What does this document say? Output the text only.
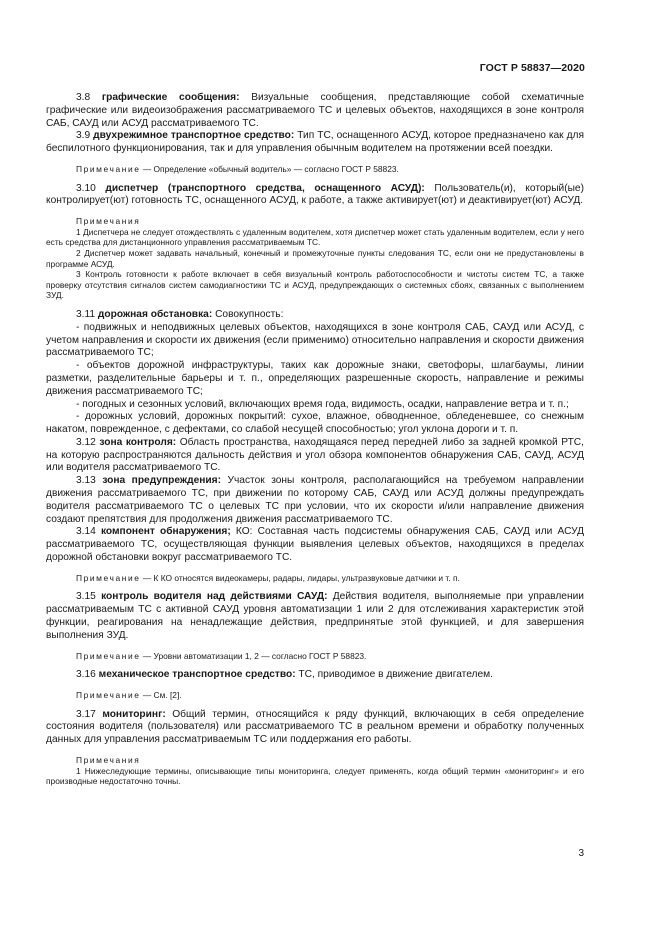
ГОСТ Р 58837—2020

3.8 графические сообщения: Визуальные сообщения, представляющие собой схематичные графические или видеоизображения рассматриваемого ТС и целевых объектов, находящихся в зоне контроля САБ, САУД или АСУД рассматриваемого ТС.

3.9 двухрежимное транспортное средство: Тип ТС, оснащенного АСУД, которое предназначено как для беспилотного функционирования, так и для управления обычным водителем на протяжении всей поездки.

Примечание — Определение «обычный водитель» — согласно ГОСТ Р 58823.

3.10 диспетчер (транспортного средства, оснащенного АСУД): Пользователь(и), который(ые) контролирует(ют) готовность ТС, оснащенного АСУД, к работе, а также активирует(ют) и деактивирует(ют) АСУД.

Примечания

1 Диспетчера не следует отождествлять с удаленным водителем, хотя диспетчер может стать удаленным водителем, если у него есть средства для дистанционного управления рассматриваемым ТС.

2 Диспетчер может задавать начальный, конечный и промежуточные пункты следования ТС, если они не предустановлены в программе АСУД.

3 Контроль готовности к работе включает в себя визуальный контроль работоспособности и чистоты систем ТС, а также проверку отсутствия сигналов систем самодиагностики ТС и АСУД, предупреждающих о системных сбоях, связанных с выполнением ЗУД.

3.11 дорожная обстановка: Совокупность:

- подвижных и неподвижных целевых объектов, находящихся в зоне контроля САБ, САУД или АСУД, с учетом направления и скорости их движения (если применимо) относительно направления и скорости движения рассматриваемого ТС;

- объектов дорожной инфраструктуры, таких как дорожные знаки, светофоры, шлагбаумы, линии разметки, разделительные барьеры и т. п., определяющих разрешенные скорость, направление и режимы движения рассматриваемого ТС;

- погодных и сезонных условий, включающих время года, видимость, осадки, направление ветра и т. п.;

- дорожных условий, дорожных покрытий: сухое, влажное, обводненное, обледеневшее, со снежным накатом, поврежденное, с дефектами, со слабой несущей способностью; угол уклона дороги и т. п.

3.12 зона контроля: Область пространства, находящаяся перед передней либо за задней кромкой РТС, на которую распространяются дальность действия и угол обзора компонентов обнаружения САБ, САУД, АСУД или водителя рассматриваемого ТС.

3.13 зона предупреждения: Участок зоны контроля, располагающийся на требуемом направлении движения рассматриваемого ТС, при движении по которому САБ, САУД или АСУД должны предупреждать водителя рассматриваемого ТС о целевых ТС при условии, что их скорости и/или направление движения создают препятствия для продолжения движения рассматриваемого ТС.

3.14 компонент обнаружения; КО: Составная часть подсистемы обнаружения САБ, САУД или АСУД рассматриваемого ТС, осуществляющая функции выявления целевых объектов, находящихся в пределах дорожной обстановки вокруг рассматриваемого ТС.

Примечание — К КО относятся видеокамеры, радары, лидары, ультразвуковые датчики и т. п.

3.15 контроль водителя над действиями САУД: Действия водителя, выполняемые при управлении рассматриваемым ТС с активной САУД уровня автоматизации 1 или 2 для отслеживания характеристик этой функции, реагирования на ненадлежащие действия, предпринятые этой функцией, и для завершения выполнения ЗУД.

Примечание — Уровни автоматизации 1, 2 — согласно ГОСТ Р 58823.

3.16 механическое транспортное средство: ТС, приводимое в движение двигателем.

Примечание — См. [2].

3.17 мониторинг: Общий термин, относящийся к ряду функций, включающих в себя определение состояния водителя (пользователя) или рассматриваемого ТС в реальном времени и обработку полученных данных для управления рассматриваемым ТС или поддержания его работы.

Примечания

1 Нижеследующие термины, описывающие типы мониторинга, следует применять, когда общий термин «мониторинг» и его производные недостаточно точны.

3
